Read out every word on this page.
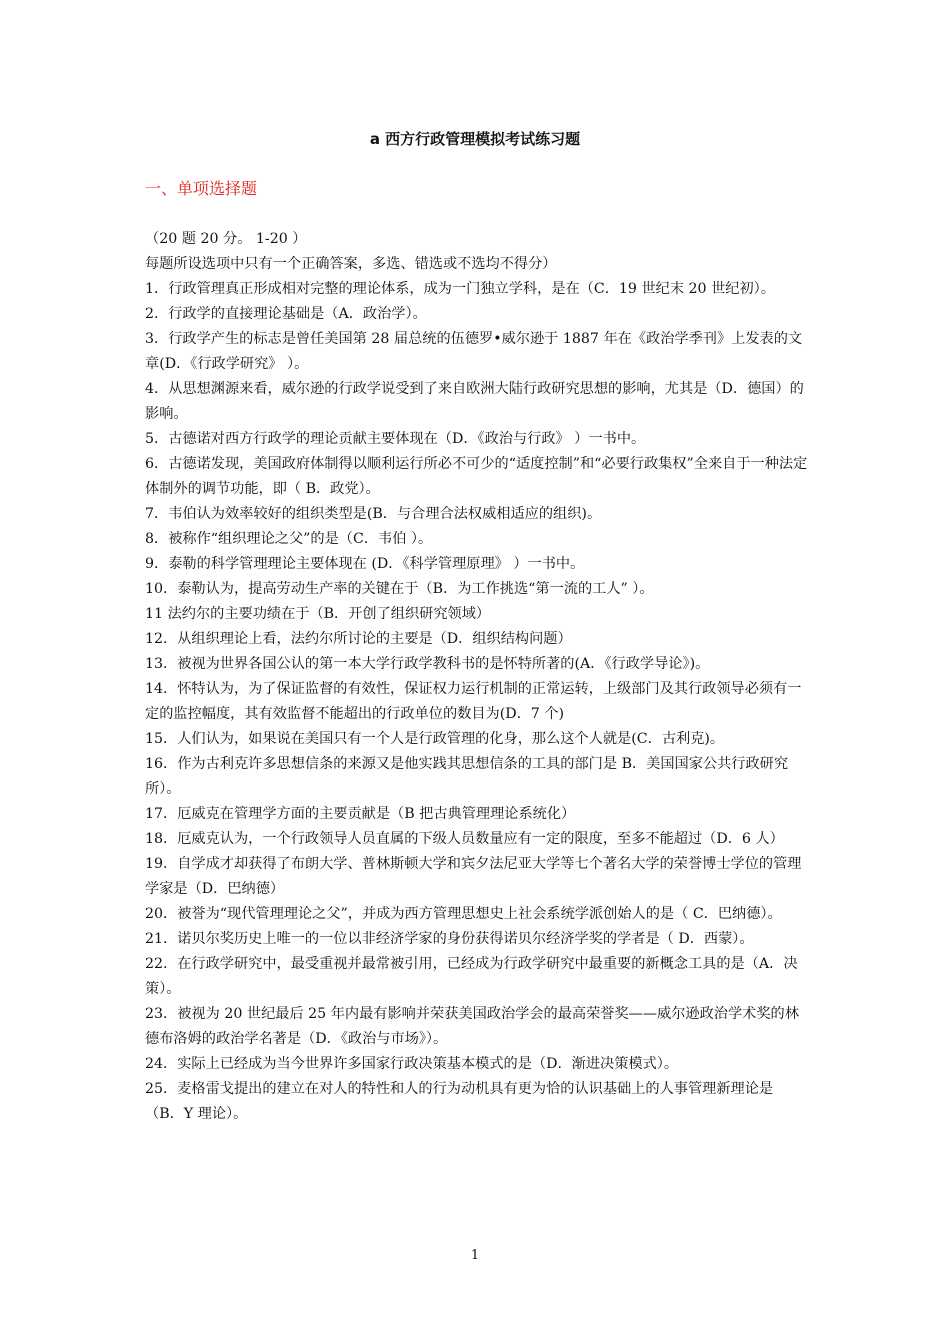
a 西方行政管理模拟考试练习题
一、单项选择题

（20 题 20 分。 1-20 ）

每题所设选项中只有一个正确答案，多选、错选或不选均不得分）

1．行政管理真正形成相对完整的理论体系，成为一门独立学科，是在（C．19 世纪末 20 世纪初）。

2．行政学的直接理论基础是（A．政治学）。

3．行政学产生的标志是曾任美国第 28 届总统的伍德罗•威尔逊于 1887 年在《政治学季刊》上发表的文章(D．《行政学研究》 ）。

4．从思想渊源来看，威尔逊的行政学说受到了来自欧洲大陆行政研究思想的影响，尤其是（D．德国）的影响。

5．古德诺对西方行政学的理论贡献主要体现在（D．《政治与行政》 ）一书中。

6．古德诺发现，美国政府体制得以顺利运行所必不可少的“适度控制”和“必要行政集权”全来自于一种法定体制外的调节功能，即（ B．政党）。

7．韦伯认为效率较好的组织类型是(B．与合理合法权威相适应的组织)。

8．被称作“组织理论之父”的是（C．韦伯 ）。

9．泰勒的科学管理理论主要体现在 (D．《科学管理原理》 ）一书中。

10．泰勒认为，提高劳动生产率的关键在于（B．为工作挑选“第一流的工人” ）。

11 法约尔的主要功绩在于（B．开创了组织研究领域）

12．从组织理论上看，法约尔所讨论的主要是（D．组织结构问题）

13．被视为世界各国公认的第一本大学行政学教科书的是怀特所著的(A．《行政学导论》)。

14．怀特认为，为了保证监督的有效性，保证权力运行机制的正常运转，上级部门及其行政领导必须有一定的监控幅度，其有效监督不能超出的行政单位的数目为(D．7 个)

15．人们认为，如果说在美国只有一个人是行政管理的化身，那么这个人就是(C．古利克)。

16．作为古利克许多思想信条的来源又是他实践其思想信条的工具的部门是 B．美国国家公共行政研究所）。

17．厄威克在管理学方面的主要贡献是（B 把古典管理理论系统化）

18．厄威克认为，一个行政领导人员直属的下级人员数量应有一定的限度，至多不能超过（D．6 人）

19．自学成才却获得了布朗大学、普林斯顿大学和宾夕法尼亚大学等七个著名大学的荣誉博士学位的管理学家是（D．巴纳德）

20．被誉为“现代管理理论之父”，并成为西方管理思想史上社会系统学派创始人的是（ C．巴纳德）。

21．诺贝尔奖历史上唯一的一位以非经济学家的身份获得诺贝尔经济学奖的学者是（ D．西蒙）。

22．在行政学研究中，最受重视并最常被引用，已经成为行政学研究中最重要的新概念工具的是（A．决策）。

23．被视为 20 世纪最后 25 年内最有影响并荣获美国政治学会的最高荣誉奖——威尔逊政治学术奖的林德布洛姆的政治学名著是（D．《政治与市场》）。

24．实际上已经成为当今世界许多国家行政决策基本模式的是（D．渐进决策模式）。

25．麦格雷戈提出的建立在对人的特性和人的行为动机具有更为恰的认识基础上的人事管理新理论是（B．Y 理论）。

1
